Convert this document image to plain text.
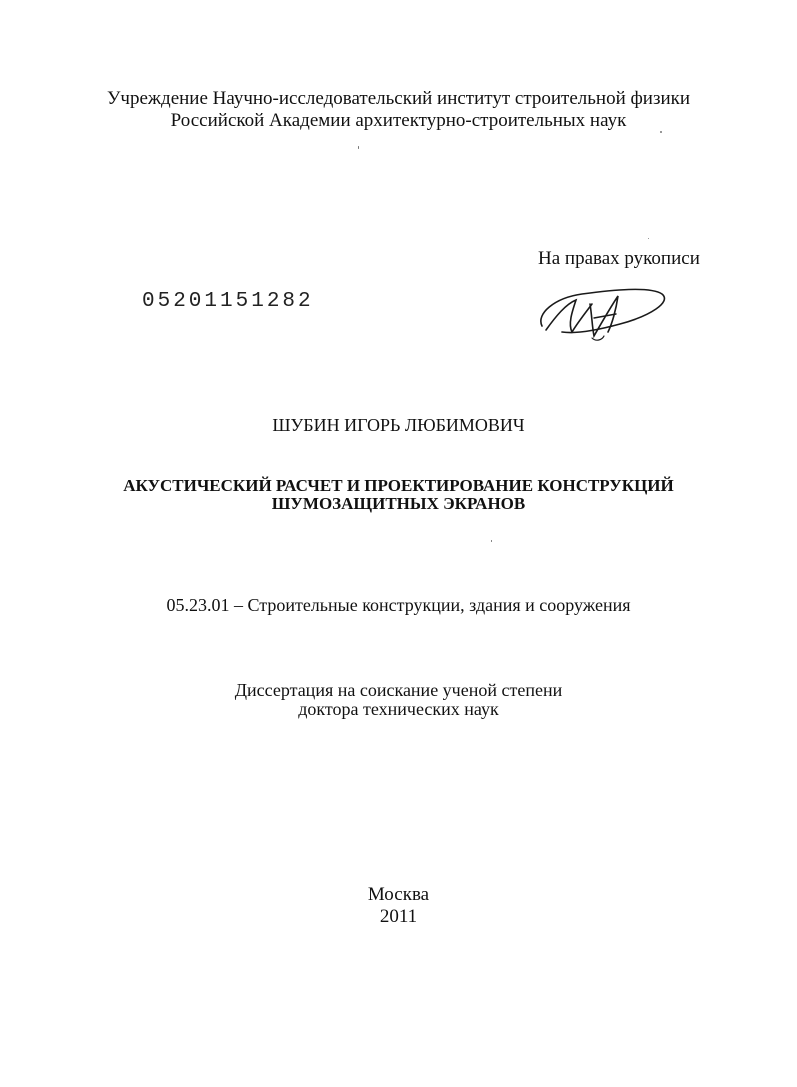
Учреждение Научно-исследовательский институт строительной физики
Российской Академии архитектурно-строительных наук
На правах рукописи
05201151282
ШУБИН ИГОРЬ ЛЮБИМОВИЧ
АКУСТИЧЕСКИЙ РАСЧЕТ И ПРОЕКТИРОВАНИЕ КОНСТРУКЦИЙ
ШУМОЗАЩИТНЫХ ЭКРАНОВ
05.23.01 – Строительные конструкции, здания и сооружения
Диссертация на соискание ученой степени
доктора технических наук
Москва
2011
